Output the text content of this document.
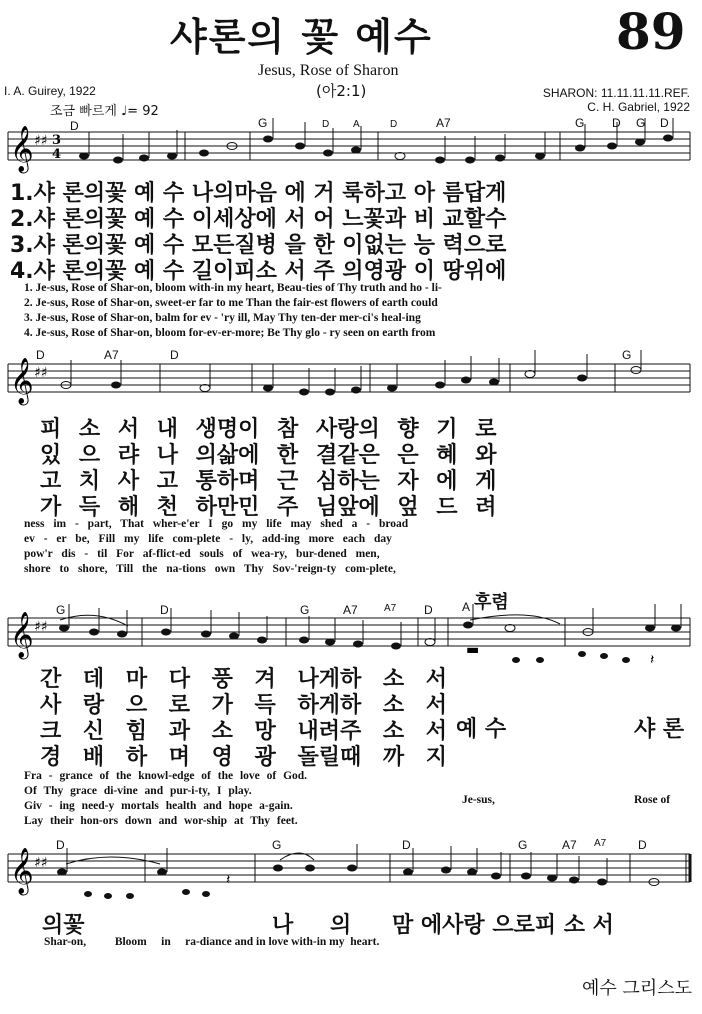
샤론의 꽃 예수	89
Jesus, Rose of Sharon
(아2:1)
I. A. Guirey, 1922	SHARON: 11.11.11.11.REF.
C. H. Gabriel, 1922
조금 빠르게 ♩= 92
𝄞 ♯♯ 3
4
D	G	D A	D	A7	G D G D
1.샤 론의꽃 예 수 나의마음 에 거 룩하고 아 름답게
2.샤 론의꽃 예 수 이세상에 서 어 느꽃과 비 교할수
3.샤 론의꽃 예 수 모든질병 을 한 이없는 능 력으로
4.샤 론의꽃 예 수 길이피소 서 주 의영광 이 땅위에
1. Je-sus, Rose of Shar-on, bloom with-in my heart, Beau-ties of Thy truth and ho - li-
2. Je-sus, Rose of Shar-on, sweet-er far to me Than the fair-est flowers of earth could
3. Je-sus, Rose of Shar-on, balm for ev - 'ry ill, May Thy ten-der mer-ci's heal-ing
4. Je-sus, Rose of Shar-on, bloom for-ev-er-more; Be Thy glo - ry seen on earth from
𝄞 ♯♯
D	A7	D	G
피 소 서 내 생명이 참 사랑의 향 기 로
있 으 랴 나 의삶에 한 결같은 은 혜 와
고 치 사 고 통하며 근 심하는 자 에 게
가 득 해 천 하만민 주 님앞에 엎 드 려
ness im - part, That wher-e'er I go my life may shed a - broad
ev - er be, Fill my life com-plete - ly, add-ing more each day
pow'r dis - til For af-flict-ed souls of wea-ry, bur-dened men,
shore to shore, Till the na-tions own Thy Sov-'reign-ty com-plete,
𝄞 ♯♯
▬
𝄽
G	D	G	A7	A7 D A 후렴
간 데 마 다 풍 겨 나게하 소 서
사 랑 으 로 가 득 하게하 소 서
크 신 힘 과 소 망 내려주 소 서
경 배 하 며 영 광 돌릴때 까 지
예 수	샤 론
Fra - grance of the knowl-edge of the love of God.
Of Thy grace di-vine and pur-i-ty, I play.
Giv - ing need-y mortals health and hope a-gain.
Lay their hon-ors down and wor-ship at Thy feet.
Je-sus,	Rose of
𝄞 ♯♯
𝄽
D	G	D	G	A7 A7	D
의꽃	나 의 맘 에사랑 으로피 소 서
Shar-on,          Bloom     in     ra-diance and in love with-in my  heart.
예수 그리스도
